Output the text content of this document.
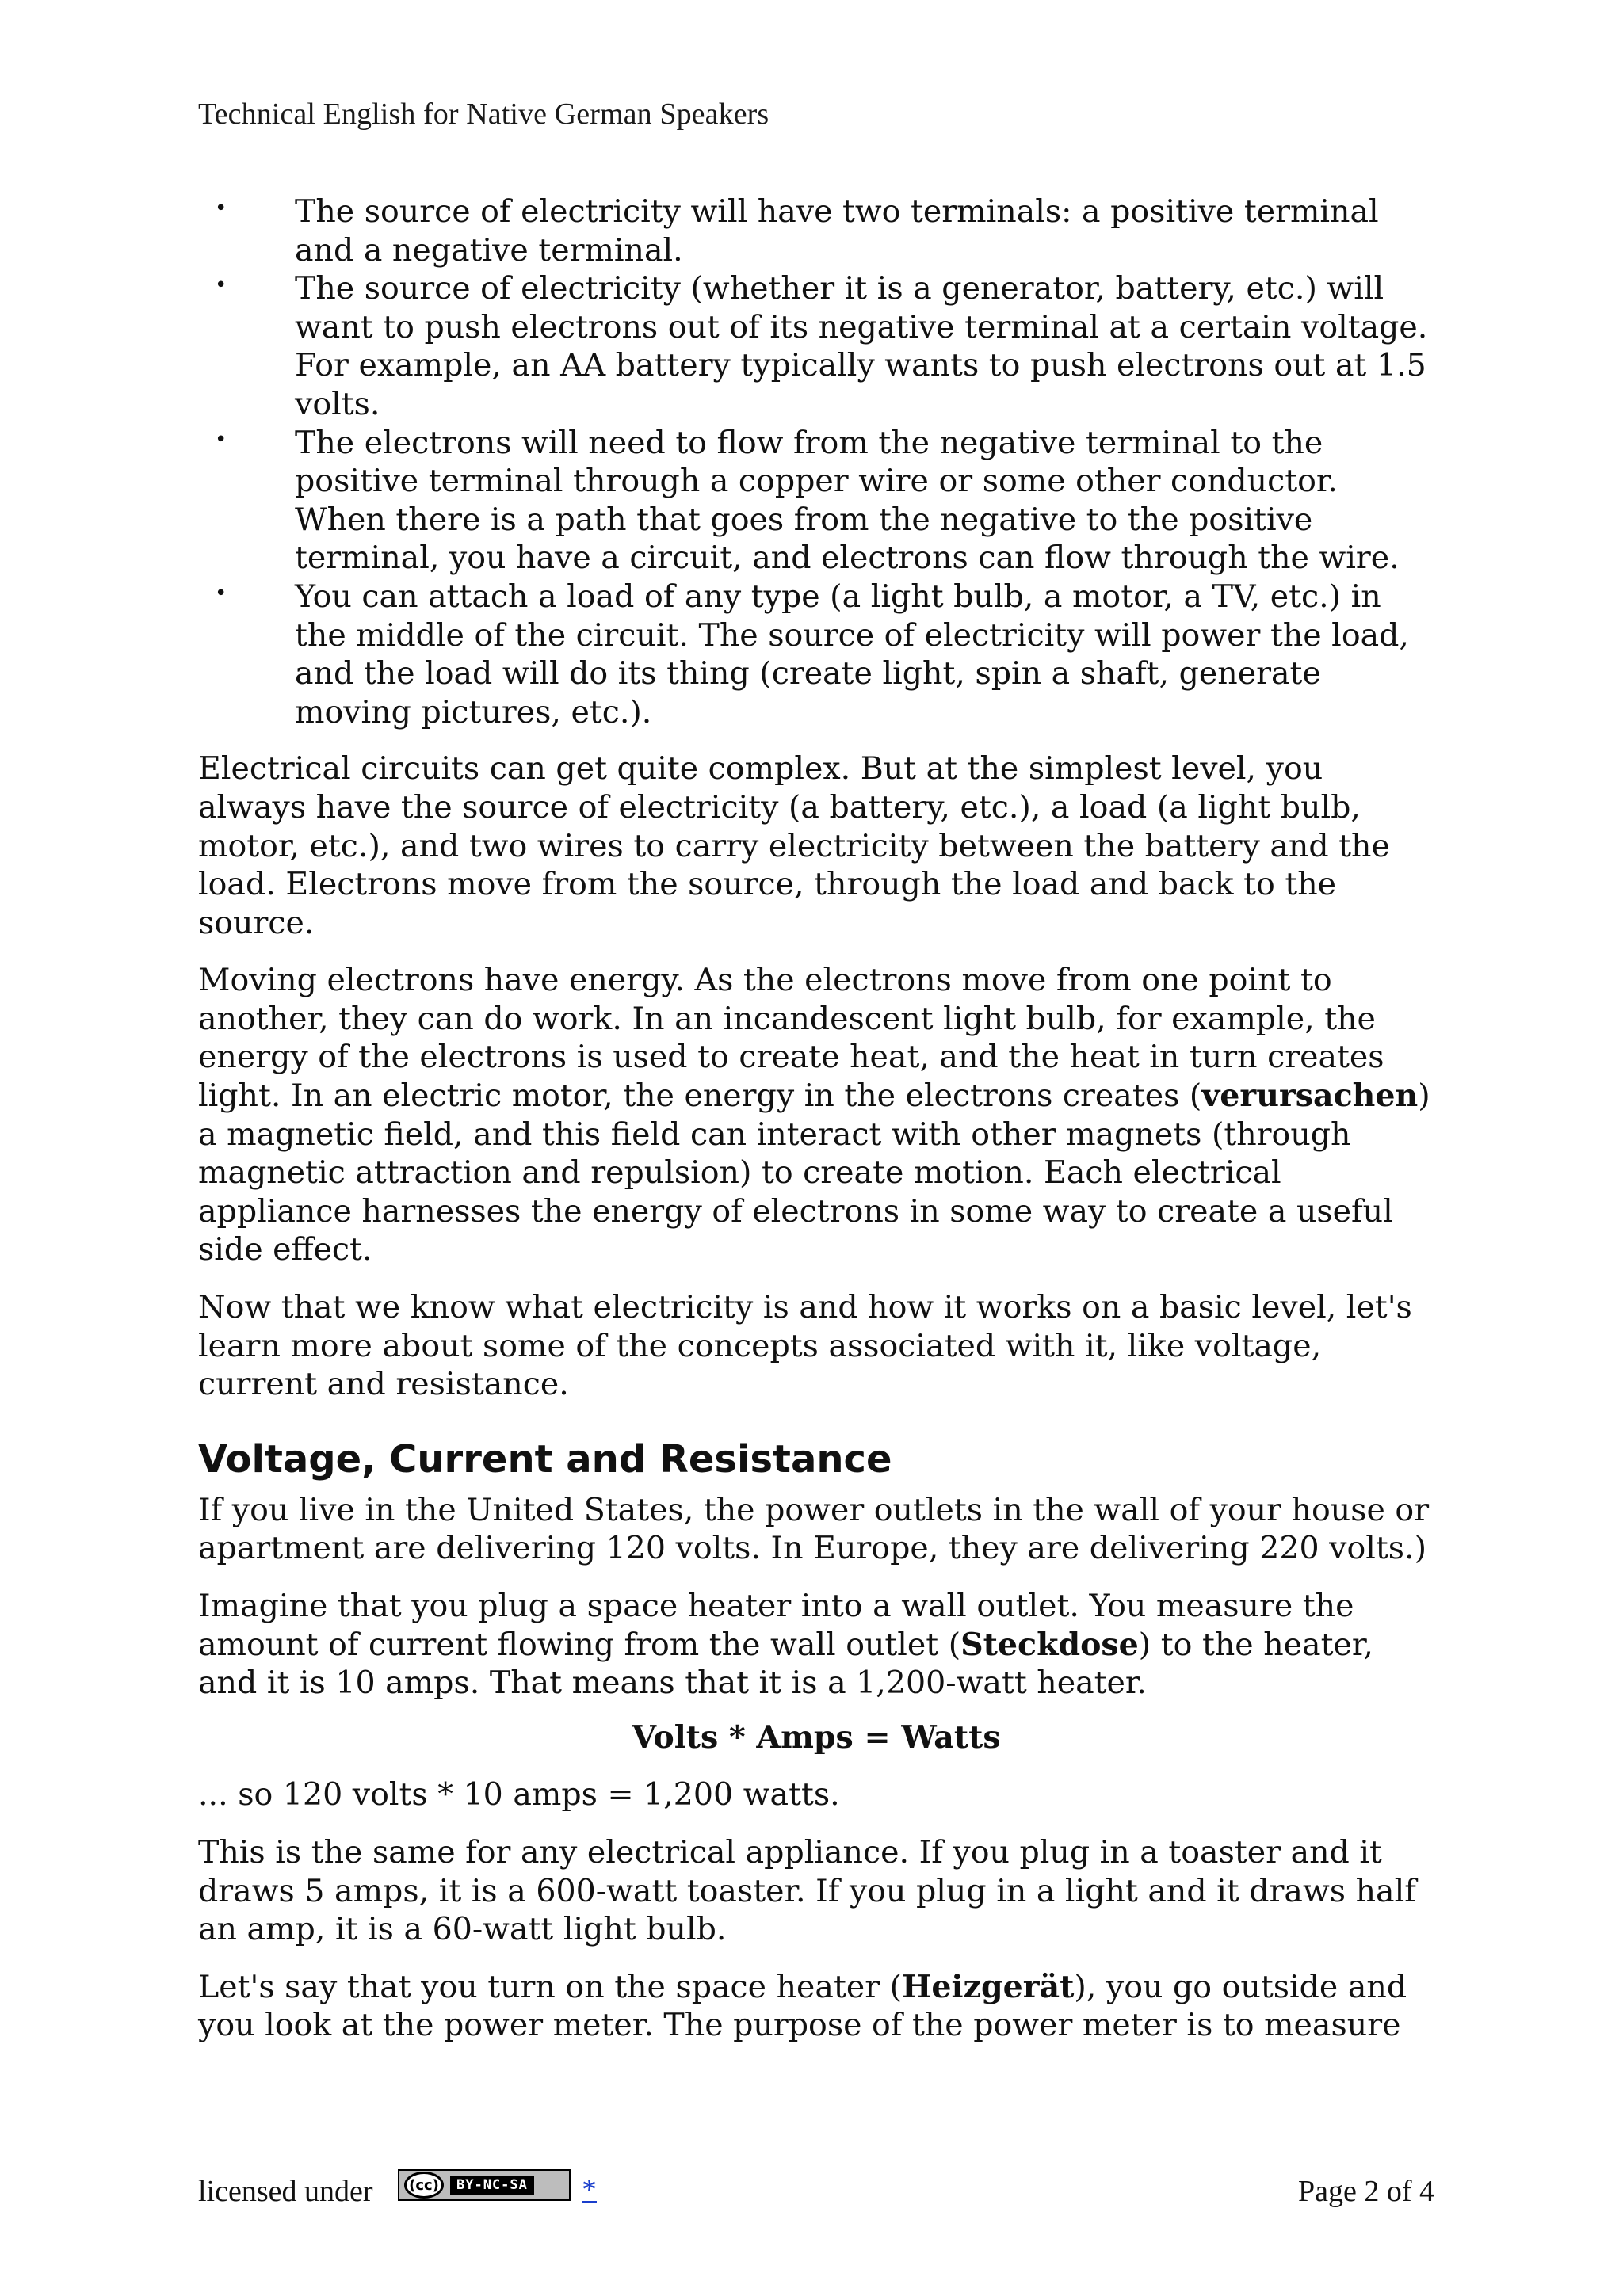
Technical English for Native German Speakers
• The source of electricity will have two terminals: a positive terminal and a negative terminal.
• The source of electricity (whether it is a generator, battery, etc.) will want to push electrons out of its negative terminal at a certain voltage. For example, an AA battery typically wants to push electrons out at 1.5 volts.
• The electrons will need to flow from the negative terminal to the positive terminal through a copper wire or some other conductor. When there is a path that goes from the negative to the positive terminal, you have a circuit, and electrons can flow through the wire.
• You can attach a load of any type (a light bulb, a motor, a TV, etc.) in the middle of the circuit. The source of electricity will power the load, and the load will do its thing (create light, spin a shaft, generate moving pictures, etc.).

Electrical circuits can get quite complex. But at the simplest level, you always have the source of electricity (a battery, etc.), a load (a light bulb, motor, etc.), and two wires to carry electricity between the battery and the load. Electrons move from the source, through the load and back to the source.

Moving electrons have energy. As the electrons move from one point to another, they can do work. In an incandescent light bulb, for example, the energy of the electrons is used to create heat, and the heat in turn creates light. In an electric motor, the energy in the electrons creates (verursachen) a magnetic field, and this field can interact with other magnets (through magnetic attraction and repulsion) to create motion. Each electrical appliance harnesses the energy of electrons in some way to create a useful side effect.

Now that we know what electricity is and how it works on a basic level, let's learn more about some of the concepts associated with it, like voltage, current and resistance.

Voltage, Current and Resistance

If you live in the United States, the power outlets in the wall of your house or apartment are delivering 120 volts. In Europe, they are delivering 220 volts.)

Imagine that you plug a space heater into a wall outlet. You measure the amount of current flowing from the wall outlet (Steckdose) to the heater, and it is 10 amps. That means that it is a 1,200-watt heater.

Volts * Amps = Watts

... so 120 volts * 10 amps = 1,200 watts.

This is the same for any electrical appliance. If you plug in a toaster and it draws 5 amps, it is a 600-watt toaster. If you plug in a light and it draws half an amp, it is a 60-watt light bulb.

Let's say that you turn on the space heater (Heizgerät), you go outside and you look at the power meter. The purpose of the power meter is to measure

licensed under	(cc)	BY-NC-SA *	Page 2 of 4
